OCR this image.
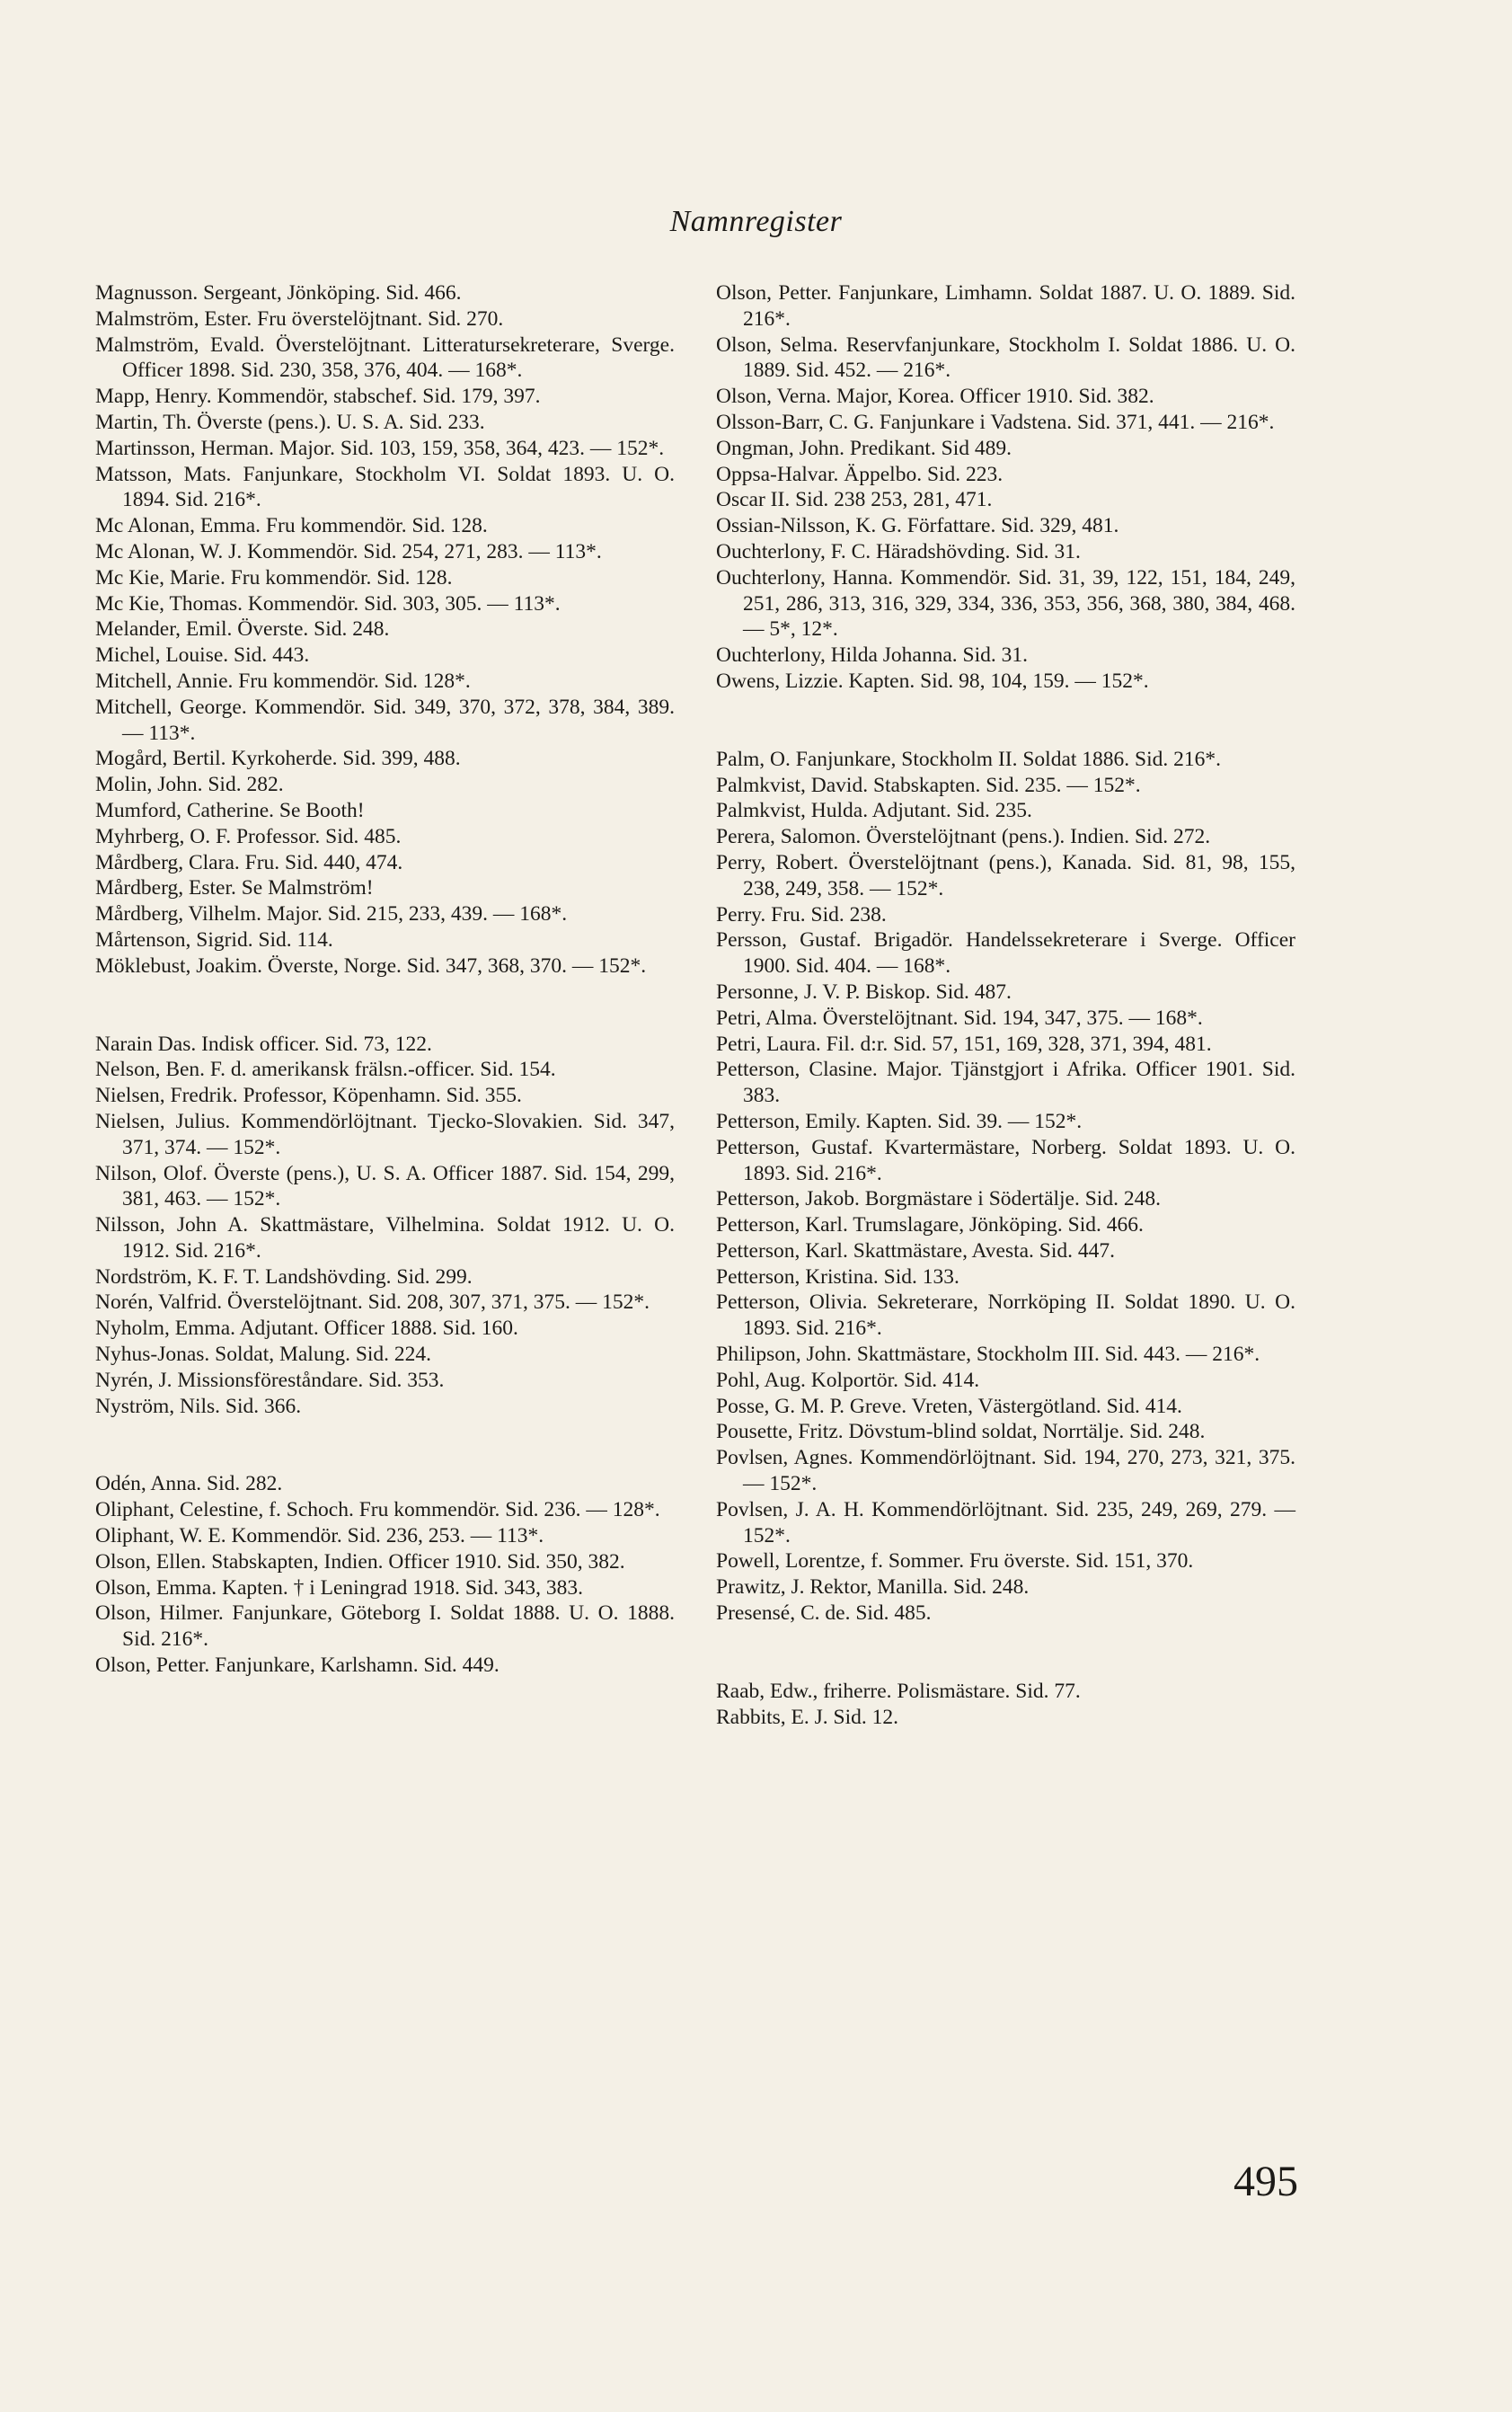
Namnregister
Magnusson. Sergeant, Jönköping. Sid. 466.
Malmström, Ester. Fru överstelöjtnant. Sid. 270.
Malmström, Evald. Överstelöjtnant. Litteratursekreterare, Sverge. Officer 1898. Sid. 230, 358, 376, 404. — 168*.
Mapp, Henry. Kommendör, stabschef. Sid. 179, 397.
Martin, Th. Överste (pens.). U. S. A. Sid. 233.
Martinsson, Herman. Major. Sid. 103, 159, 358, 364, 423. — 152*.
Matsson, Mats. Fanjunkare, Stockholm VI. Soldat 1893. U. O. 1894. Sid. 216*.
Mc Alonan, Emma. Fru kommendör. Sid. 128.
Mc Alonan, W. J. Kommendör. Sid. 254, 271, 283. — 113*.
Mc Kie, Marie. Fru kommendör. Sid. 128.
Mc Kie, Thomas. Kommendör. Sid. 303, 305. — 113*.
Melander, Emil. Överste. Sid. 248.
Michel, Louise. Sid. 443.
Mitchell, Annie. Fru kommendör. Sid. 128*.
Mitchell, George. Kommendör. Sid. 349, 370, 372, 378, 384, 389. — 113*.
Mogård, Bertil. Kyrkoherde. Sid. 399, 488.
Molin, John. Sid. 282.
Mumford, Catherine. Se Booth!
Myhrberg, O. F. Professor. Sid. 485.
Mårdberg, Clara. Fru. Sid. 440, 474.
Mårdberg, Ester. Se Malmström!
Mårdberg, Vilhelm. Major. Sid. 215, 233, 439. — 168*.
Mårtenson, Sigrid. Sid. 114.
Möklebust, Joakim. Överste, Norge. Sid. 347, 368, 370. — 152*.
Narain Das. Indisk officer. Sid. 73, 122.
Nelson, Ben. F. d. amerikansk frälsn.-officer. Sid. 154.
Nielsen, Fredrik. Professor, Köpenhamn. Sid. 355.
Nielsen, Julius. Kommendörlöjtnant. Tjecko-Slovakien. Sid. 347, 371, 374. — 152*.
Nilson, Olof. Överste (pens.), U. S. A. Officer 1887. Sid. 154, 299, 381, 463. — 152*.
Nilsson, John A. Skattmästare, Vilhelmina. Soldat 1912. U. O. 1912. Sid. 216*.
Nordström, K. F. T. Landshövding. Sid. 299.
Norén, Valfrid. Överstelöjtnant. Sid. 208, 307, 371, 375. — 152*.
Nyholm, Emma. Adjutant. Officer 1888. Sid. 160.
Nyhus-Jonas. Soldat, Malung. Sid. 224.
Nyrén, J. Missionsföreståndare. Sid. 353.
Nyström, Nils. Sid. 366.
Odén, Anna. Sid. 282.
Oliphant, Celestine, f. Schoch. Fru kommendör. Sid. 236. — 128*.
Oliphant, W. E. Kommendör. Sid. 236, 253. — 113*.
Olson, Ellen. Stabskapten, Indien. Officer 1910. Sid. 350, 382.
Olson, Emma. Kapten. † i Leningrad 1918. Sid. 343, 383.
Olson, Hilmer. Fanjunkare, Göteborg I. Soldat 1888. U. O. 1888. Sid. 216*.
Olson, Petter. Fanjunkare, Karlshamn. Sid. 449.
Olson, Petter. Fanjunkare, Limhamn. Soldat 1887. U. O. 1889. Sid. 216*.
Olson, Selma. Reservfanjunkare, Stockholm I. Soldat 1886. U. O. 1889. Sid. 452. — 216*.
Olson, Verna. Major, Korea. Officer 1910. Sid. 382.
Olsson-Barr, C. G. Fanjunkare i Vadstena. Sid. 371, 441. — 216*.
Ongman, John. Predikant. Sid 489.
Oppsa-Halvar. Äppelbo. Sid. 223.
Oscar II. Sid. 238 253, 281, 471.
Ossian-Nilsson, K. G. Författare. Sid. 329, 481.
Ouchterlony, F. C. Häradshövding. Sid. 31.
Ouchterlony, Hanna. Kommendör. Sid. 31, 39, 122, 151, 184, 249, 251, 286, 313, 316, 329, 334, 336, 353, 356, 368, 380, 384, 468. — 5*, 12*.
Ouchterlony, Hilda Johanna. Sid. 31.
Owens, Lizzie. Kapten. Sid. 98, 104, 159. — 152*.
Palm, O. Fanjunkare, Stockholm II. Soldat 1886. Sid. 216*.
Palmkvist, David. Stabskapten. Sid. 235. — 152*.
Palmkvist, Hulda. Adjutant. Sid. 235.
Perera, Salomon. Överstelöjtnant (pens.). Indien. Sid. 272.
Perry, Robert. Överstelöjtnant (pens.), Kanada. Sid. 81, 98, 155, 238, 249, 358. — 152*.
Perry. Fru. Sid. 238.
Persson, Gustaf. Brigadör. Handelssekreterare i Sverge. Officer 1900. Sid. 404. — 168*.
Personne, J. V. P. Biskop. Sid. 487.
Petri, Alma. Överstelöjtnant. Sid. 194, 347, 375. — 168*.
Petri, Laura. Fil. d:r. Sid. 57, 151, 169, 328, 371, 394, 481.
Petterson, Clasine. Major. Tjänstgjort i Afrika. Officer 1901. Sid. 383.
Petterson, Emily. Kapten. Sid. 39. — 152*.
Petterson, Gustaf. Kvartermästare, Norberg. Soldat 1893. U. O. 1893. Sid. 216*.
Petterson, Jakob. Borgmästare i Södertälje. Sid. 248.
Petterson, Karl. Trumslagare, Jönköping. Sid. 466.
Petterson, Karl. Skattmästare, Avesta. Sid. 447.
Petterson, Kristina. Sid. 133.
Petterson, Olivia. Sekreterare, Norrköping II. Soldat 1890. U. O. 1893. Sid. 216*.
Philipson, John. Skattmästare, Stockholm III. Sid. 443. — 216*.
Pohl, Aug. Kolportör. Sid. 414.
Posse, G. M. P. Greve. Vreten, Västergötland. Sid. 414.
Pousette, Fritz. Dövstum-blind soldat, Norrtälje. Sid. 248.
Povlsen, Agnes. Kommendörlöjtnant. Sid. 194, 270, 273, 321, 375. — 152*.
Povlsen, J. A. H. Kommendörlöjtnant. Sid. 235, 249, 269, 279. — 152*.
Powell, Lorentze, f. Sommer. Fru överste. Sid. 151, 370.
Prawitz, J. Rektor, Manilla. Sid. 248.
Presensé, C. de. Sid. 485.
Raab, Edw., friherre. Polismästare. Sid. 77.
Rabbits, E. J. Sid. 12.
495
